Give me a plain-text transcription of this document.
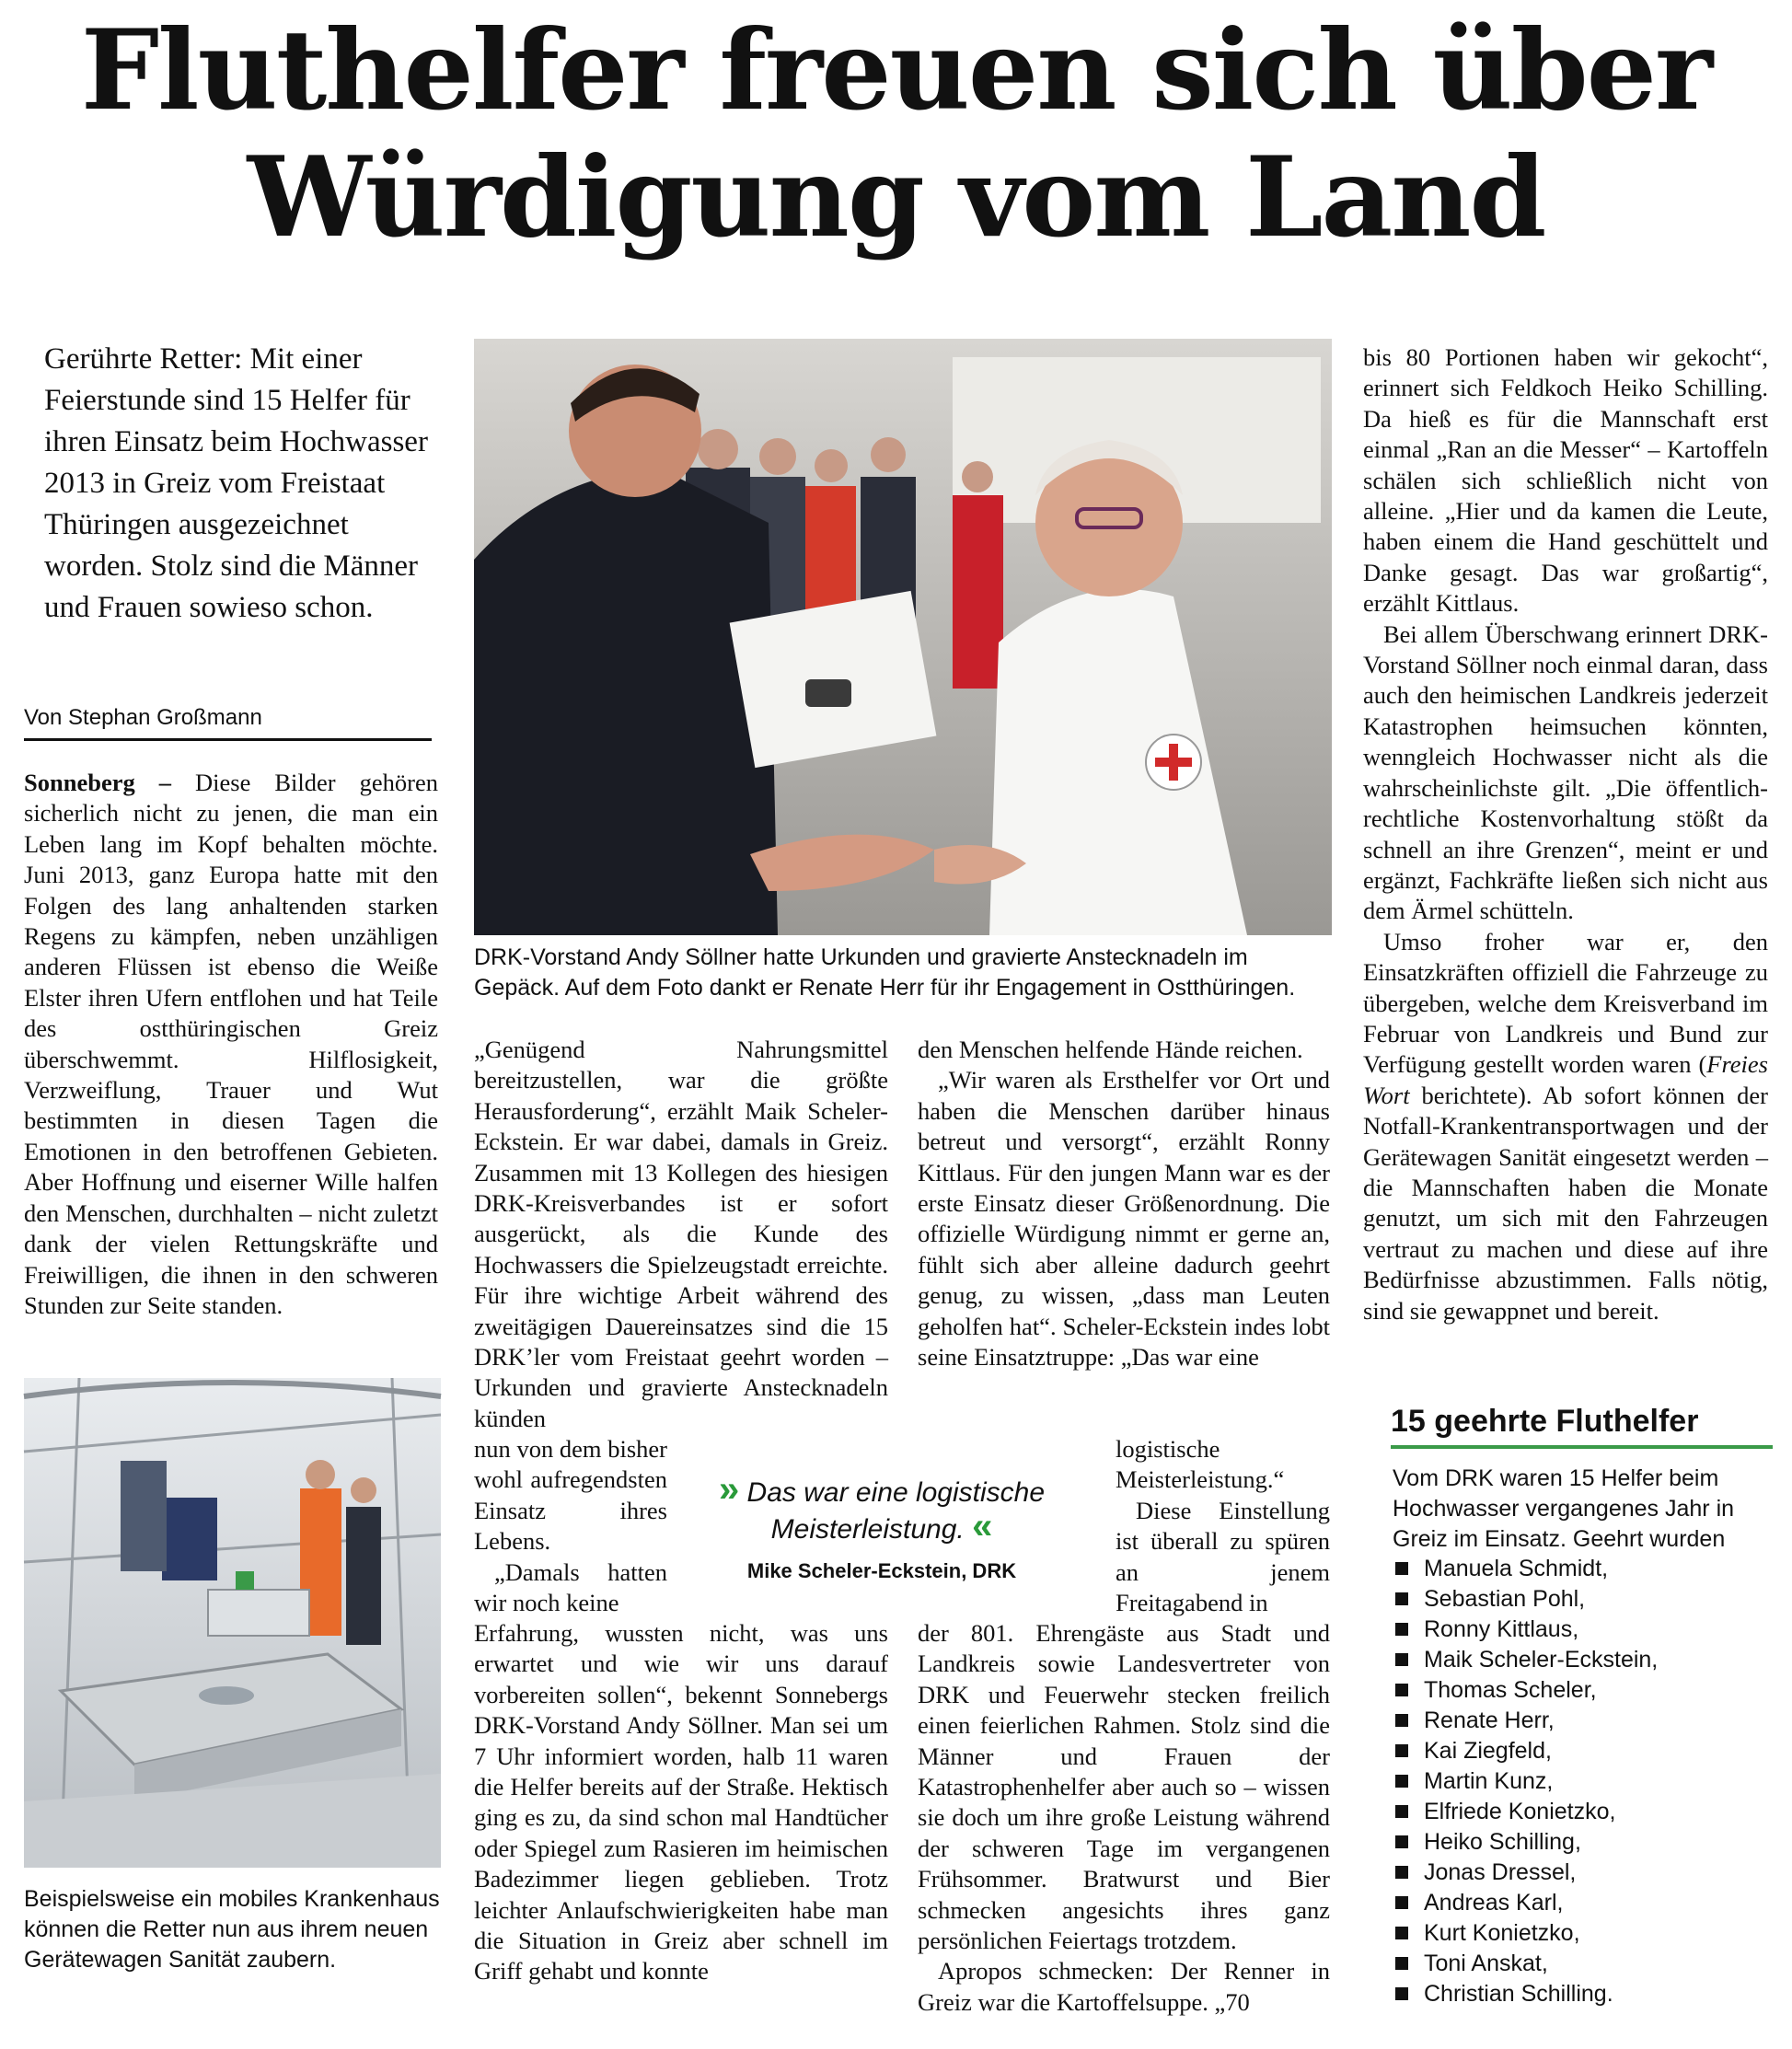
Fluthelfer freuen sich über
Würdigung vom Land
Gerührte Retter: Mit einer Feierstunde sind 15 Helfer für ihren Einsatz beim Hochwasser 2013 in Greiz vom Freistaat Thüringen ausgezeichnet worden. Stolz sind die Männer und Frauen sowieso schon.
Von Stephan Großmann

Sonneberg – Diese Bilder gehören sicherlich nicht zu jenen, die man ein Leben lang im Kopf behalten möchte. Juni 2013, ganz Europa hatte mit den Folgen des lang anhaltenden starken Regens zu kämpfen, neben unzähligen anderen Flüssen ist ebenso die Weiße Elster ihren Ufern entflohen und hat Teile des ostthüringischen Greiz überschwemmt. Hilflosigkeit, Verzweiflung, Trauer und Wut bestimmten in diesen Tagen die Emotionen in den betroffenen Gebieten. Aber Hoffnung und eiserner Wille halfen den Menschen, durchhalten – nicht zuletzt dank der vielen Rettungskräfte und Freiwilligen, die ihnen in den schweren Stunden zur Seite standen.

Beispielsweise ein mobiles Krankenhaus können die Retter nun aus ihrem neuen Gerätewagen Sanität zaubern.
DRK-Vorstand Andy Söllner hatte Urkunden und gravierte Anstecknadeln im Gepäck. Auf dem Foto dankt er Renate Herr für ihr Engagement in Ostthüringen.

„Genügend Nahrungsmittel bereitzustellen, war die größte Herausforderung“, erzählt Maik Scheler-Eckstein. Er war dabei, damals in Greiz. Zusammen mit 13 Kollegen des hiesigen DRK-Kreisverbandes ist er sofort ausgerückt, als die Kunde des Hochwassers die Spielzeugstadt erreichte. Für ihre wichtige Arbeit während des zweitägigen Dauereinsatzes sind die 15 DRK’ler vom Freistaat geehrt worden – Urkunden und gravierte Anstecknadeln künden

nun von dem bisher wohl aufregendsten Einsatz ihres Lebens.

„Damals hatten wir noch keine

den Menschen helfende Hände reichen.

„Wir waren als Ersthelfer vor Ort und haben die Menschen darüber hinaus betreut und versorgt“, erzählt Ronny Kittlaus. Für den jungen Mann war es der erste Einsatz dieser Größenordnung. Die offizielle Würdigung nimmt er gerne an, fühlt sich aber alleine dadurch geehrt genug, zu wissen, „dass man Leuten geholfen hat“. Scheler-Eckstein indes lobt seine Einsatztruppe: „Das war eine

logistische Meisterleistung.“

Diese Einstellung ist überall zu spüren an jenem Freitagabend in

» Das war eine logistische Meisterleistung. «
Mike Scheler-Eckstein, DRK

Erfahrung, wussten nicht, was uns erwartet und wie wir uns darauf vorbereiten sollen“, bekennt Sonnebergs DRK-Vorstand Andy Söllner. Man sei um 7 Uhr informiert worden, halb 11 waren die Helfer bereits auf der Straße. Hektisch ging es zu, da sind schon mal Handtücher oder Spiegel zum Rasieren im heimischen Badezimmer liegen geblieben. Trotz leichter Anlaufschwierigkeiten habe man die Situation in Greiz aber schnell im Griff gehabt und konnte

der 801. Ehrengäste aus Stadt und Landkreis sowie Landesvertreter von DRK und Feuerwehr stecken freilich einen feierlichen Rahmen. Stolz sind die Männer und Frauen der Katastrophenhelfer aber auch so – wissen sie doch um ihre große Leistung während der schweren Tage im vergangenen Frühsommer. Bratwurst und Bier schmecken angesichts ihres ganz persönlichen Feiertags trotzdem.

Apropos schmecken: Der Renner in Greiz war die Kartoffelsuppe. „70

bis 80 Portionen haben wir gekocht“, erinnert sich Feldkoch Heiko Schilling. Da hieß es für die Mannschaft erst einmal „Ran an die Messer“ – Kartoffeln schälen sich schließlich nicht von alleine. „Hier und da kamen die Leute, haben einem die Hand geschüttelt und Danke gesagt. Das war großartig“, erzählt Kittlaus.

Bei allem Überschwang erinnert DRK-Vorstand Söllner noch einmal daran, dass auch den heimischen Landkreis jederzeit Katastrophen heimsuchen könnten, wenngleich Hochwasser nicht als die wahrscheinlichste gilt. „Die öffentlich-rechtliche Kostenvorhaltung stößt da schnell an ihre Grenzen“, meint er und ergänzt, Fachkräfte ließen sich nicht aus dem Ärmel schütteln.

Umso froher war er, den Einsatzkräften offiziell die Fahrzeuge zu übergeben, welche dem Kreisverband im Februar von Landkreis und Bund zur Verfügung gestellt worden waren (Freies Wort berichtete). Ab sofort können der Notfall-Krankentransportwagen und der Gerätewagen Sanität eingesetzt werden – die Mannschaften haben die Monate genutzt, um sich mit den Fahrzeugen vertraut zu machen und diese auf ihre Bedürfnisse abzustimmen. Falls nötig, sind sie gewappnet und bereit.

15 geehrte Fluthelfer
Vom DRK waren 15 Helfer beim Hochwasser vergangenes Jahr in Greiz im Einsatz. Geehrt wurden
Manuela Schmidt,
Sebastian Pohl,
Ronny Kittlaus,
Maik Scheler-Eckstein,
Thomas Scheler,
Renate Herr,
Kai Ziegfeld,
Martin Kunz,
Elfriede Konietzko,
Heiko Schilling,
Jonas Dressel,
Andreas Karl,
Kurt Konietzko,
Toni Anskat,
Christian Schilling.
